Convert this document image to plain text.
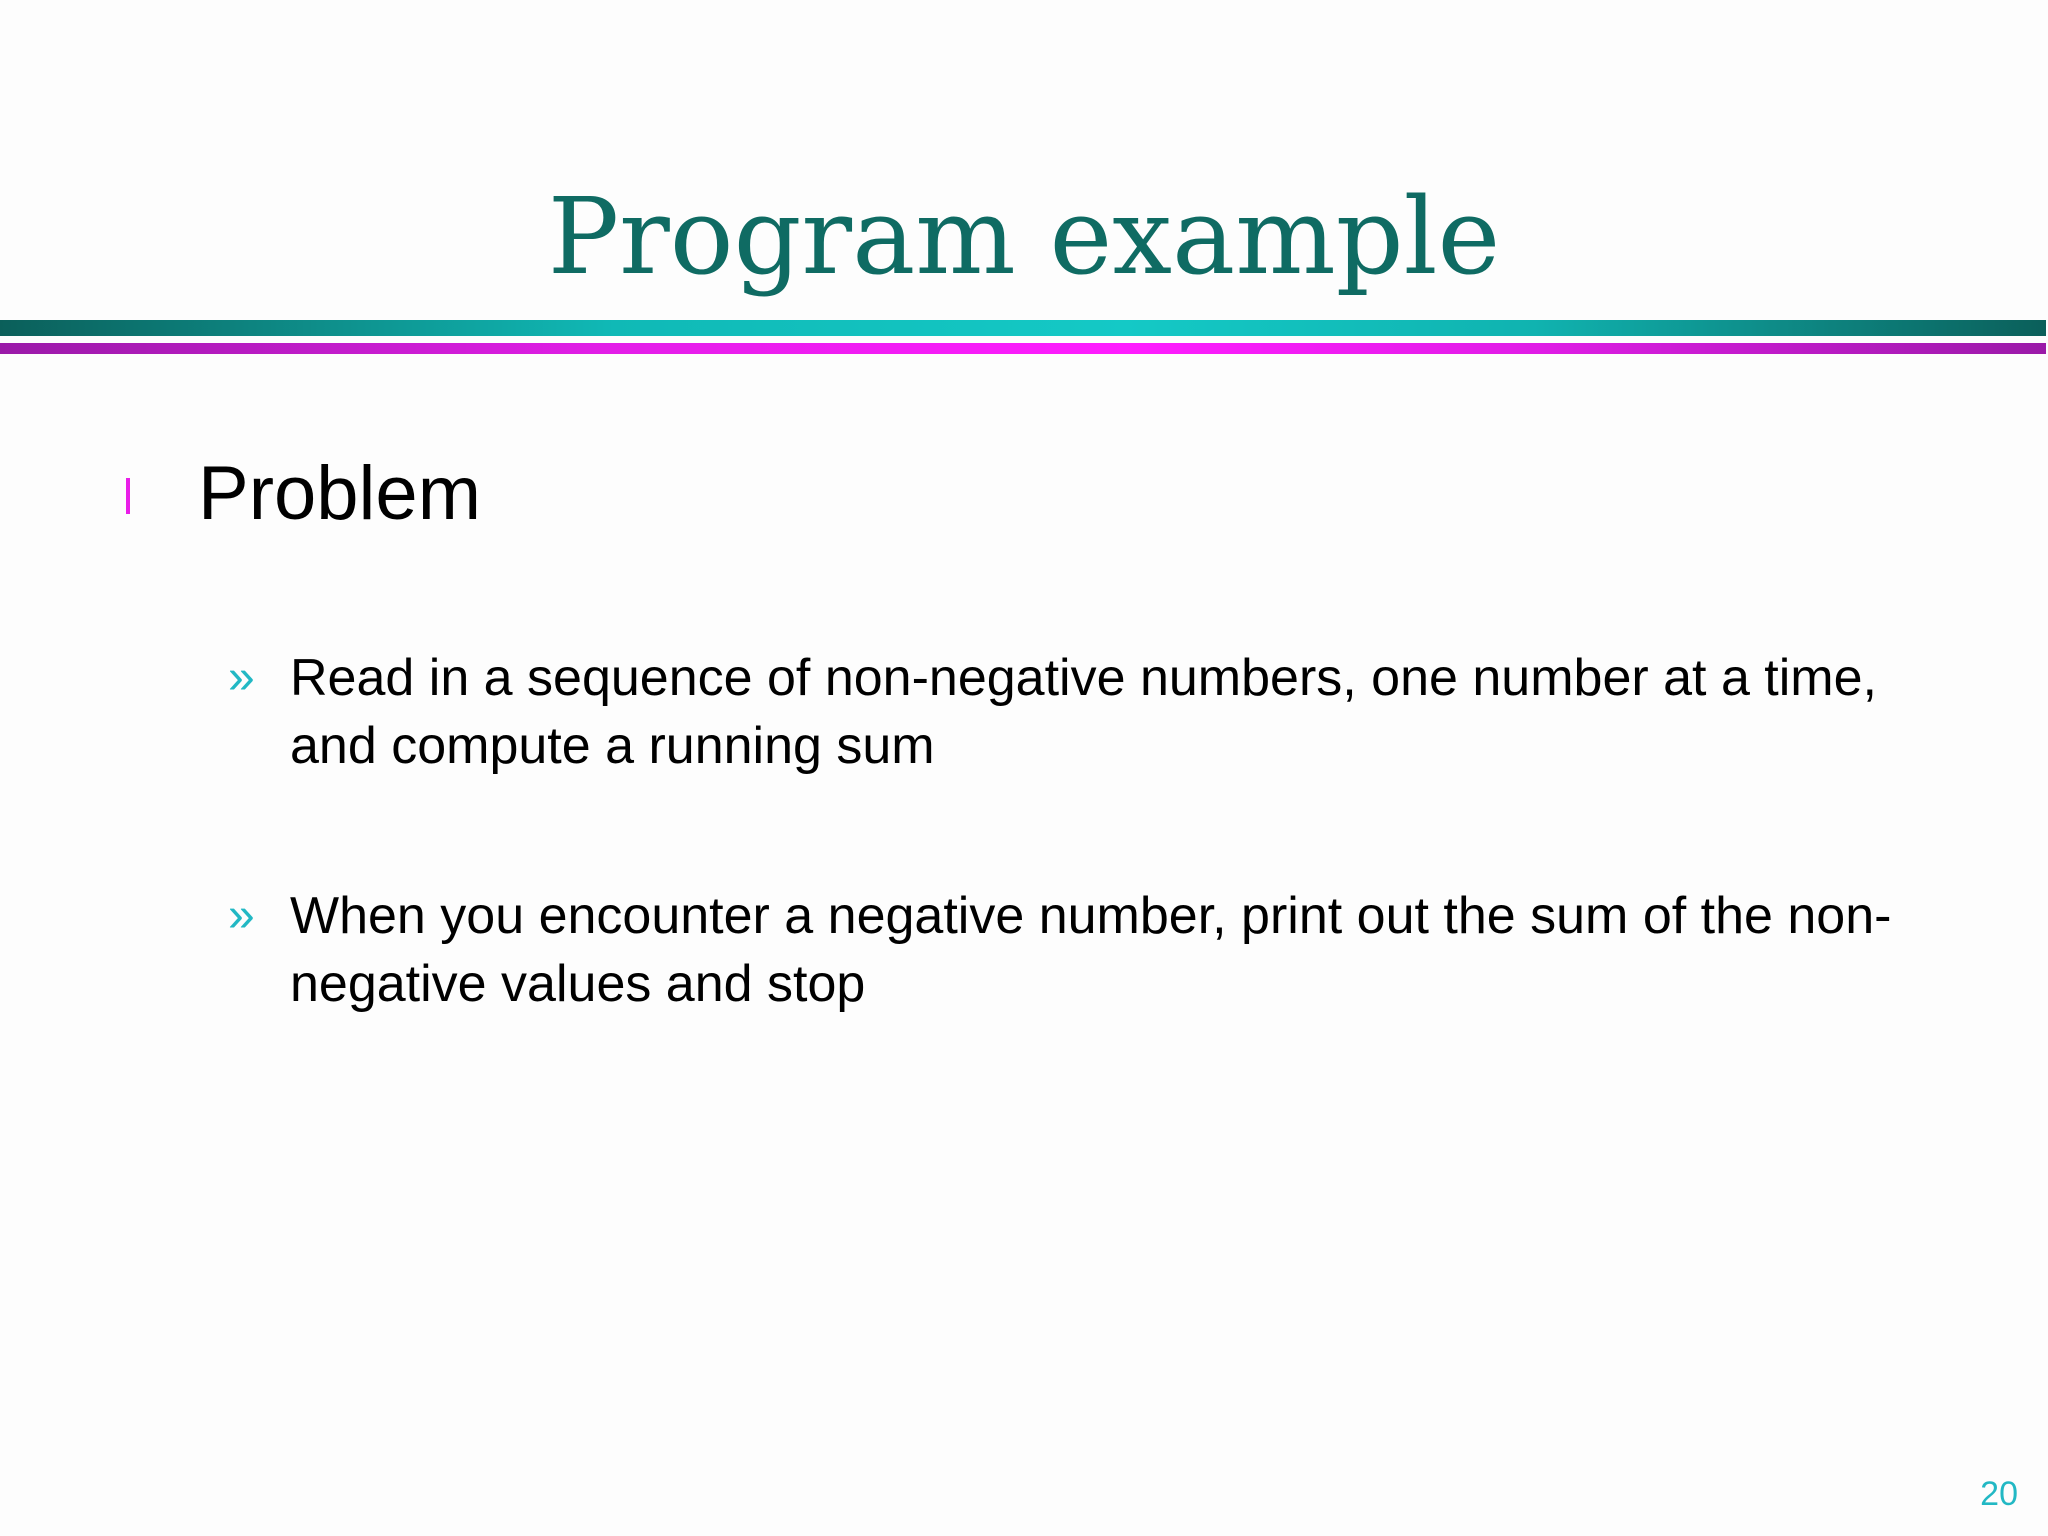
Program example
Problem
» Read in a sequence of non-negative numbers, one number at a time, and compute a running sum
» When you encounter a negative number, print out the sum of the non-negative values and stop
20
